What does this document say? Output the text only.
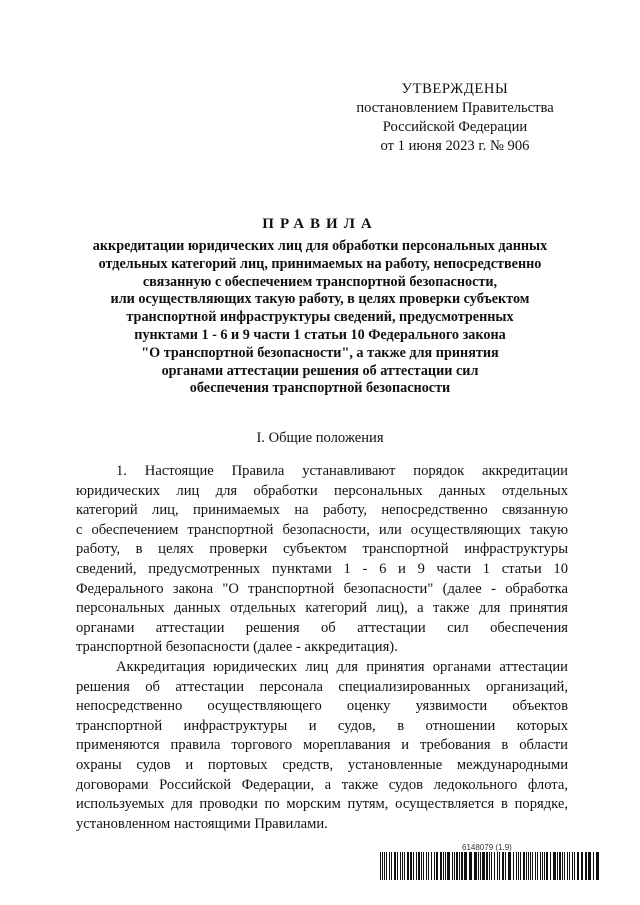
УТВЕРЖДЕНЫ
постановлением Правительства
Российской Федерации
от 1 июня 2023 г. № 906
ПРАВИЛА
аккредитации юридических лиц для обработки персональных данных
отдельных категорий лиц, принимаемых на работу, непосредственно
связанную с обеспечением транспортной безопасности,
или осуществляющих такую работу, в целях проверки субъектом
транспортной инфраструктуры сведений, предусмотренных
пунктами 1 - 6 и 9 части 1 статьи 10 Федерального закона
"О транспортной безопасности", а также для принятия
органами аттестации решения об аттестации сил
обеспечения транспортной безопасности
I. Общие положения
1. Настоящие Правила устанавливают порядок аккредитации
юридических лиц для обработки персональных данных отдельных
категорий лиц, принимаемых на работу, непосредственно связанную
с обеспечением транспортной безопасности, или осуществляющих такую
работу, в целях проверки субъектом транспортной инфраструктуры
сведений, предусмотренных пунктами 1 - 6 и 9 части 1 статьи 10
Федерального закона "О транспортной безопасности" (далее - обработка
персональных данных отдельных категорий лиц), а также для принятия
органами аттестации решения об аттестации сил обеспечения
транспортной безопасности (далее - аккредитация).
Аккредитация юридических лиц для принятия органами аттестации
решения об аттестации персонала специализированных организаций,
непосредственно осуществляющего оценку уязвимости объектов
транспортной инфраструктуры и судов, в отношении которых
применяются правила торгового мореплавания и требования в области
охраны судов и портовых средств, установленные международными
договорами Российской Федерации, а также судов ледокольного флота,
используемых для проводки по морским путям, осуществляется в порядке,
установленном настоящими Правилами.
6148079 (1.9)
